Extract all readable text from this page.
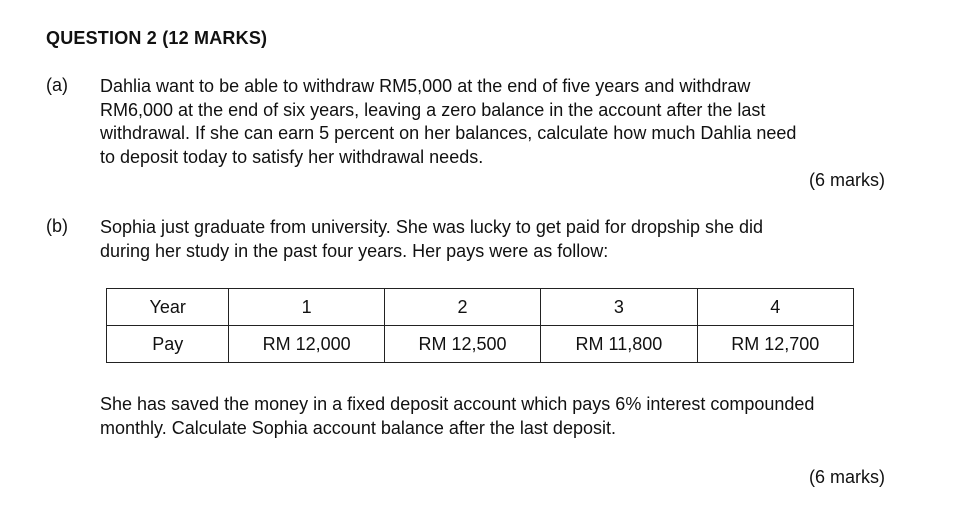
QUESTION 2 (12 MARKS)
(a) Dahlia want to be able to withdraw RM5,000 at the end of five years and withdraw
RM6,000 at the end of six years, leaving a zero balance in the account after the last
withdrawal. If she can earn 5 percent on her balances, calculate how much Dahlia need
to deposit today to satisfy her withdrawal needs.
(6 marks)
(b) Sophia just graduate from university. She was lucky to get paid for dropship she did
during her study in the past four years. Her pays were as follow:
Year	1	2	3	4
Pay	RM 12,000	RM 12,500	RM 11,800	RM 12,700
She has saved the money in a fixed deposit account which pays 6% interest compounded
monthly. Calculate Sophia account balance after the last deposit.
(6 marks)
